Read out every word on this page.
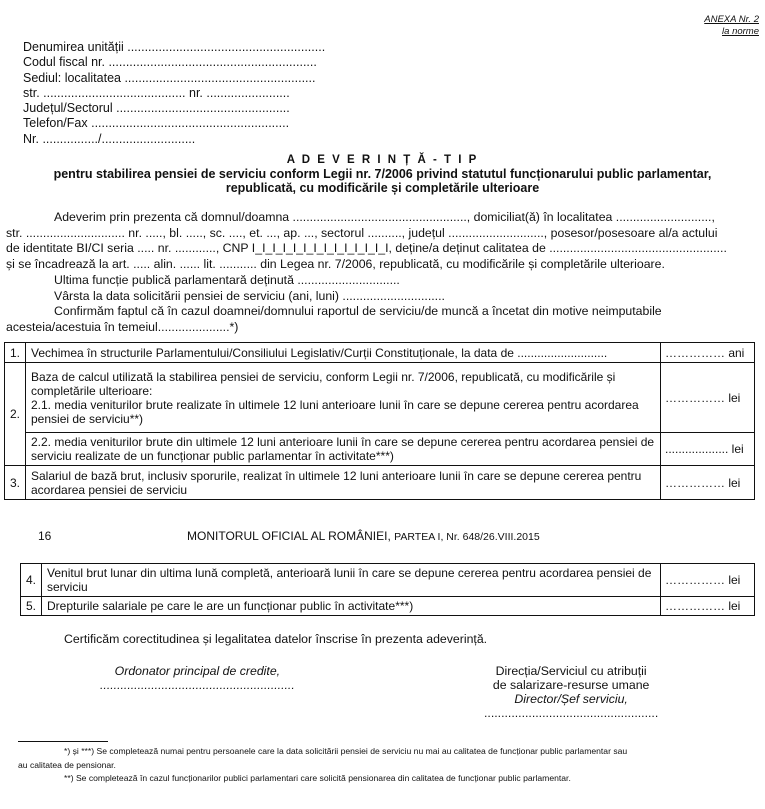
ANEXA Nr. 2
la norme
Denumirea unității .........................................................
Codul fiscal nr. ............................................................
Sediul: localitatea .......................................................
str. ......................................... nr. ........................
Județul/Sectorul ..................................................
Telefon/Fax .........................................................
Nr. ................/...........................
A D E V E R I N Ț Ă - T I P
pentru stabilirea pensiei de serviciu conform Legii nr. 7/2006 privind statutul funcționarului public parlamentar,
republicată, cu modificările și completările ulterioare
Adeverim prin prezenta că domnul/doamna ..................................................., domiciliat(ă) în localitatea ............................,
str. ............................. nr. ....., bl. ....., sc. ...., et. ..., ap. ..., sectorul .........., județul ............................, posesor/posesoare al/a actului
de identitate BI/CI seria ..... nr. ............, CNP I_I_I_I_I_I_I_I_I_I_I_I_I_I, deține/a deținut calitatea de ....................................................
și se încadrează la art. ..... alin. ...... lit. ........... din Legea nr. 7/2006, republicată, cu modificările și completările ulterioare.
Ultima funcție publică parlamentară deținută ..............................
Vârsta la data solicitării pensiei de serviciu (ani, luni) ..............................
Confirmăm faptul că în cazul doamnei/domnului raportul de serviciu/de muncă a încetat din motive neimputabile
acesteia/acestuia în temeiul.....................*)
1.	Vechimea în structurile Parlamentului/Consiliului Legislativ/Curții Constituționale, la data de ...........................	…………… ani
2.	Baza de calcul utilizată la stabilirea pensiei de serviciu, conform Legii nr. 7/2006, republicată, cu modificările și completările ulterioare:
2.1. media veniturilor brute realizate în ultimele 12 luni anterioare lunii în care se depune cererea pentru acordarea pensiei de serviciu**)	…………… lei
	2.2. media veniturilor brute din ultimele 12 luni anterioare lunii în care se depune cererea pentru acordarea pensiei de serviciu realizate de un funcționar public parlamentar în activitate***)	................... lei
3.	Salariul de bază brut, inclusiv sporurile, realizat în ultimele 12 luni anterioare lunii în care se depune cererea pentru acordarea pensiei de serviciu	…………… lei
16	MONITORUL OFICIAL AL ROMÂNIEI, PARTEA I, Nr. 648/26.VIII.2015
4.	Venitul brut lunar din ultima lună completă, anterioară lunii în care se depune cererea pentru acordarea pensiei de serviciu	…………… lei
5.	Drepturile salariale pe care le are un funcționar public în activitate***)	…………… lei
Certificăm corectitudinea și legalitatea datelor înscrise în prezenta adeverință.
Ordonator principal de credite,
.........................................................
Direcția/Serviciul cu atribuții
de salarizare-resurse umane
Director/Șef serviciu,
...................................................
*) și ***) Se completează numai pentru persoanele care la data solicitării pensiei de serviciu nu mai au calitatea de funcționar public parlamentar sau
au calitatea de pensionar.
**) Se completează în cazul funcționarilor publici parlamentari care solicită pensionarea din calitatea de funcționar public parlamentar.
